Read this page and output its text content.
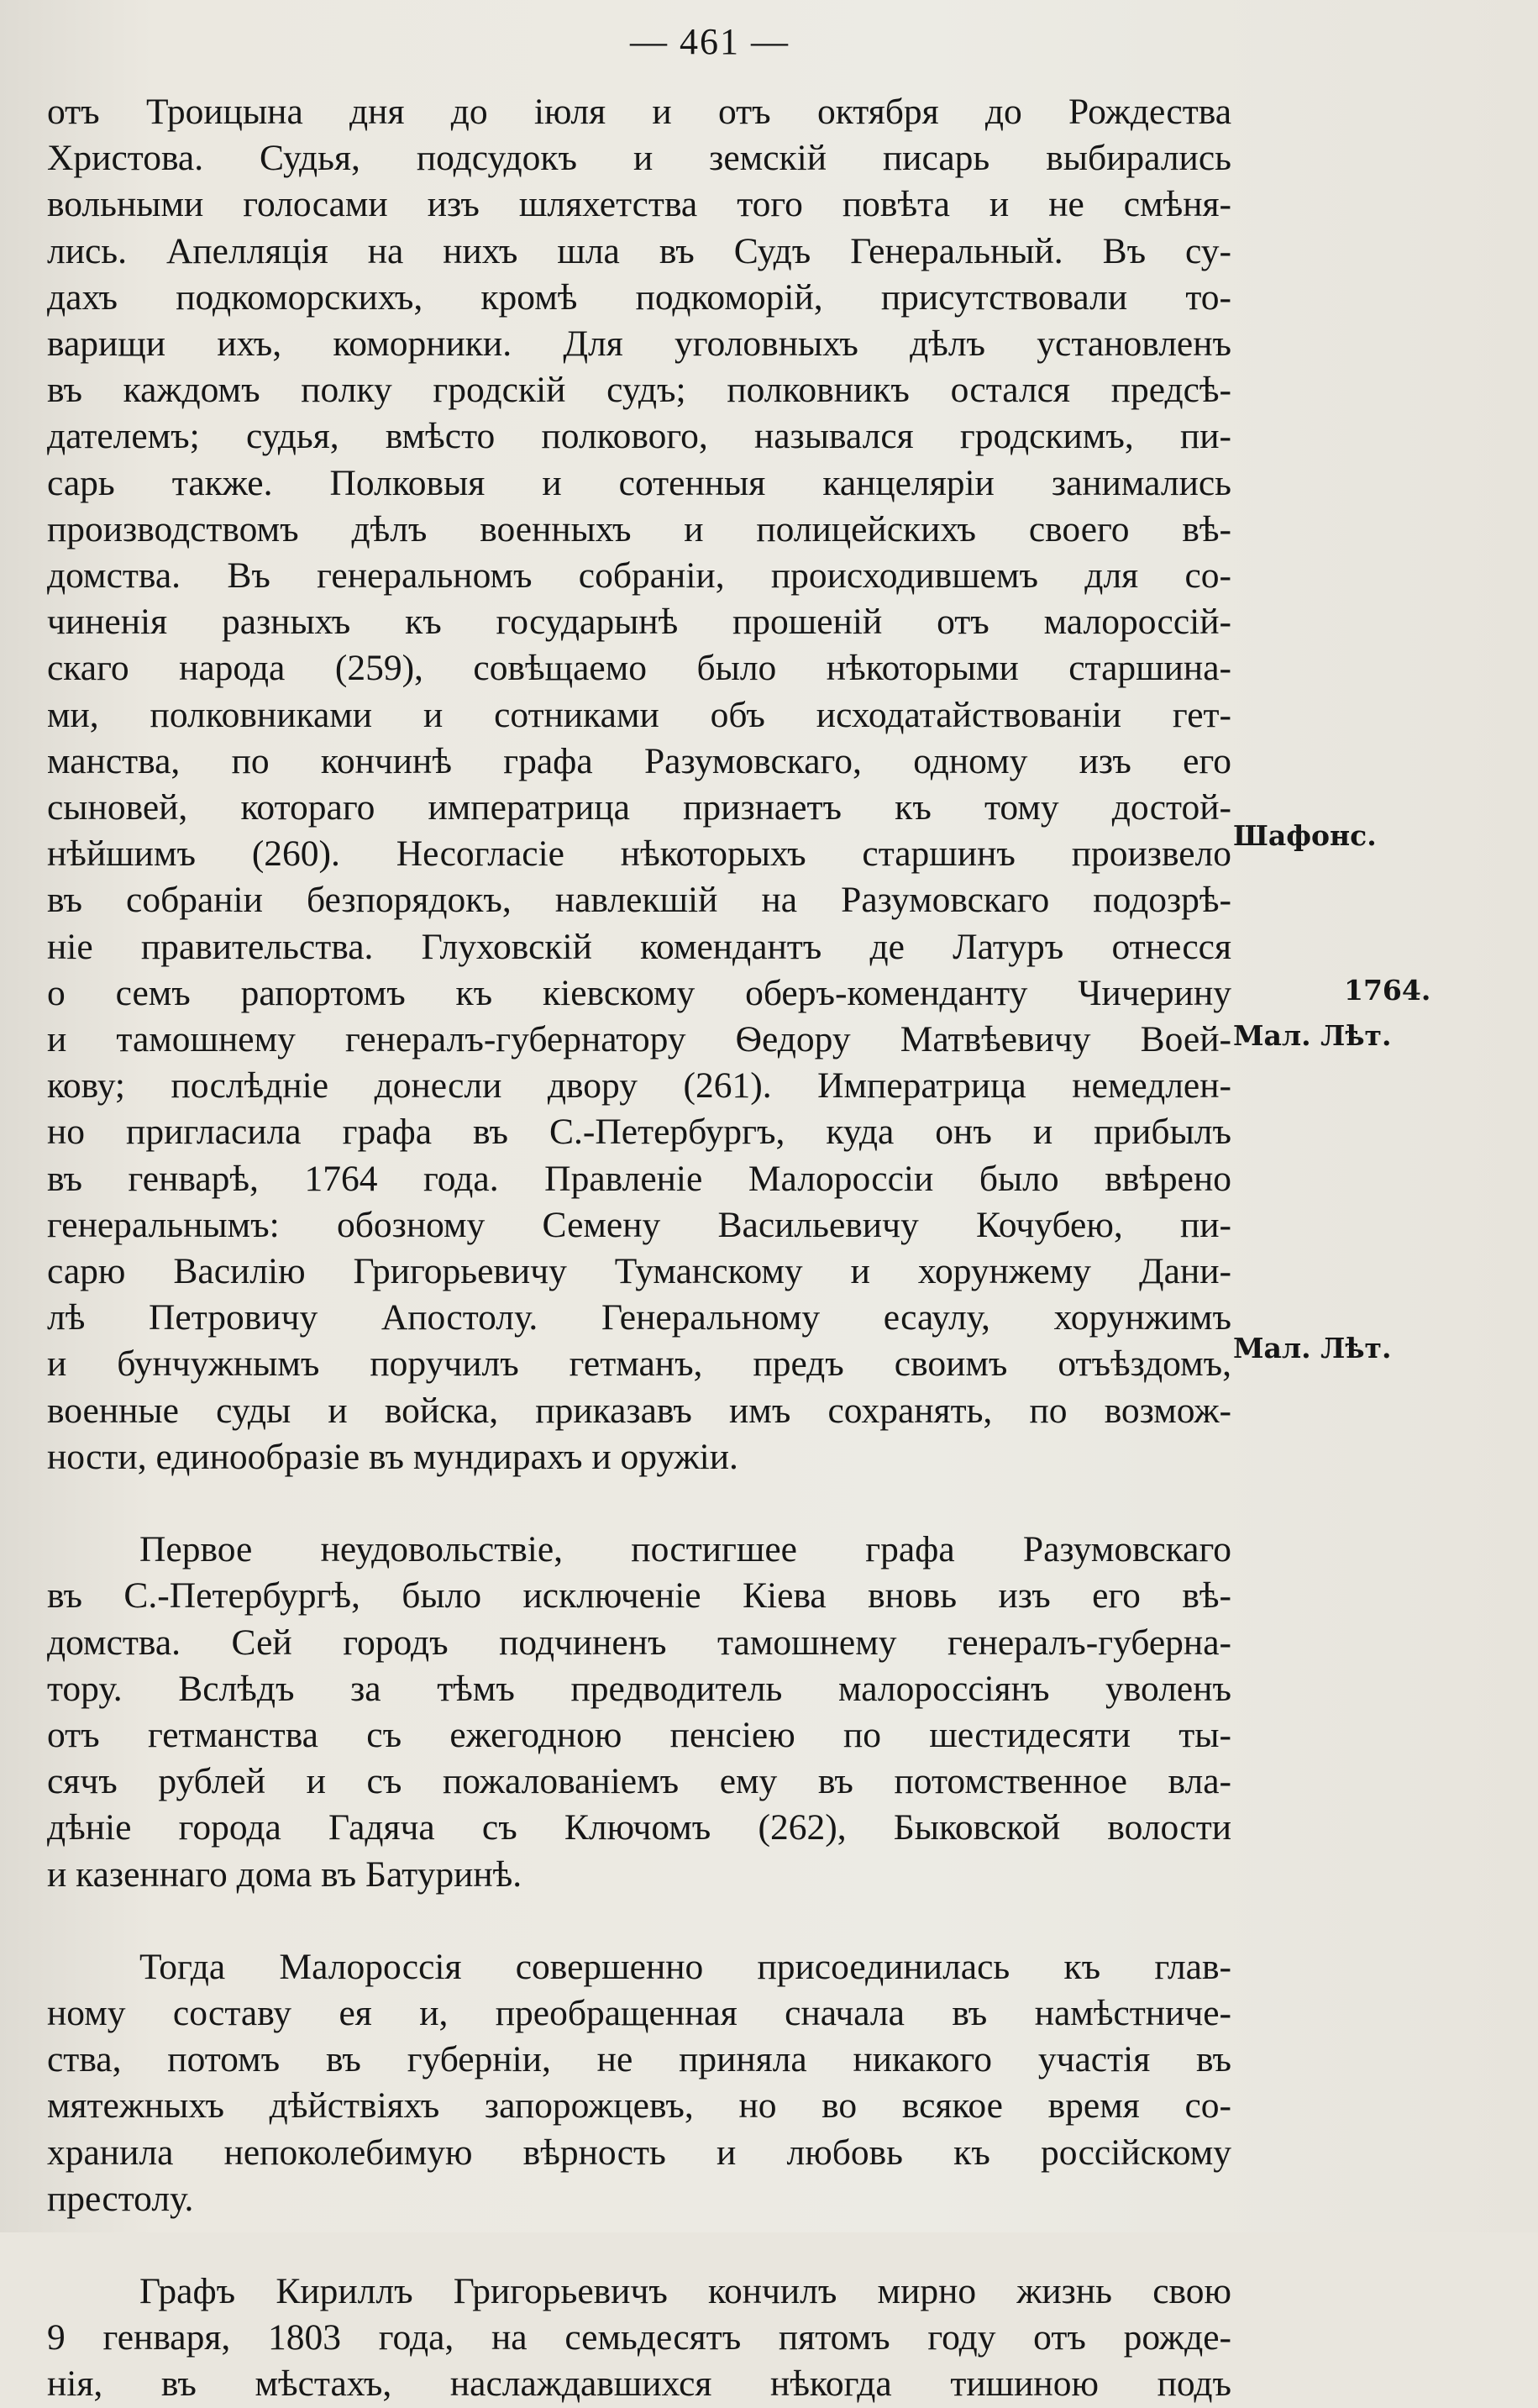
— 461 —

отъ Троицына дня до іюля и отъ октября до Рождества
Христова. Судья, подсудокъ и земскій писарь выбирались
вольными голосами изъ шляхетства того повѣта и не смѣня-
лись. Апелляція на нихъ шла въ Судъ Генеральный. Въ су-
дахъ подкоморскихъ, кромѣ подкоморій, присутствовали то-
варищи ихъ, коморники. Для уголовныхъ дѣлъ установленъ
въ каждомъ полку гродскій судъ; полковникъ остался предсѣ-
дателемъ; судья, вмѣсто полкового, назывался гродскимъ, пи-
сарь также. Полковыя и сотенныя канцеляріи занимались
производствомъ дѣлъ военныхъ и полицейскихъ своего вѣ-
домства. Въ генеральномъ собраніи, происходившемъ для со-
чиненія разныхъ къ государынѣ прошеній отъ малороссій-
скаго народа (259), совѣщаемо было нѣкоторыми старшина-
ми, полковниками и сотниками объ исходатайствованіи гет-
манства, по кончинѣ графа Разумовскаго, одному изъ его
сыновей, котораго императрица признаетъ къ тому достой-
нѣйшимъ (260). Несогласіе нѣкоторыхъ старшинъ произвело
въ собраніи безпорядокъ, навлекшій на Разумовскаго подозрѣ-
ніе правительства. Глуховскій комендантъ де Латуръ отнесся
о семъ рапортомъ къ кіевскому оберъ-коменданту Чичерину
и тамошнему генералъ-губернатору Ѳедору Матвѣевичу Воей-
кову; послѣдніе донесли двору (261). Императрица немедлен-
но пригласила графа въ С.-Петербургъ, куда онъ и прибылъ
въ генварѣ, 1764 года. Правленіе Малороссіи было ввѣрено
генеральнымъ: обозному Семену Васильевичу Кочубею, пи-
сарю Василію Григорьевичу Туманскому и хорунжему Дани-
лѣ Петровичу Апостолу. Генеральному есаулу, хорунжимъ
и бунчужнымъ поручилъ гетманъ, предъ своимъ отъѣздомъ,
военные суды и войска, приказавъ имъ сохранять, по возмож-
ности, единообразіе въ мундирахъ и оружіи.

Первое неудовольствіе, постигшее графа Разумовскаго
въ С.-Петербургѣ, было исключеніе Кіева вновь изъ его вѣ-
домства. Сей городъ подчиненъ тамошнему генералъ-губерна-
тору. Вслѣдъ за тѣмъ предводитель малороссіянъ уволенъ
отъ гетманства съ ежегодною пенсіею по шестидесяти ты-
сячъ рублей и съ пожалованіемъ ему въ потомственное вла-
дѣніе города Гадяча съ Ключомъ (262), Быковской волости
и казеннаго дома въ Батуринѣ.

Тогда Малороссія совершенно присоединилась къ глав-
ному составу ея и, преобращенная сначала въ намѣстниче-
ства, потомъ въ губерніи, не приняла никакого участія въ
мятежныхъ дѣйствіяхъ запорожцевъ, но во всякое время со-
хранила непоколебимую вѣрность и любовь къ россійскому
престолу.

Графъ Кириллъ Григорьевичъ кончилъ мирно жизнь свою
9 генваря, 1803 года, на семьдесятъ пятомъ году отъ рожде-
нія, въ мѣстахъ, наслаждавшихся нѣкогда тишиною подъ

Шафонс.
1764.
Мал. Лѣт.
Мал. Лѣт.
